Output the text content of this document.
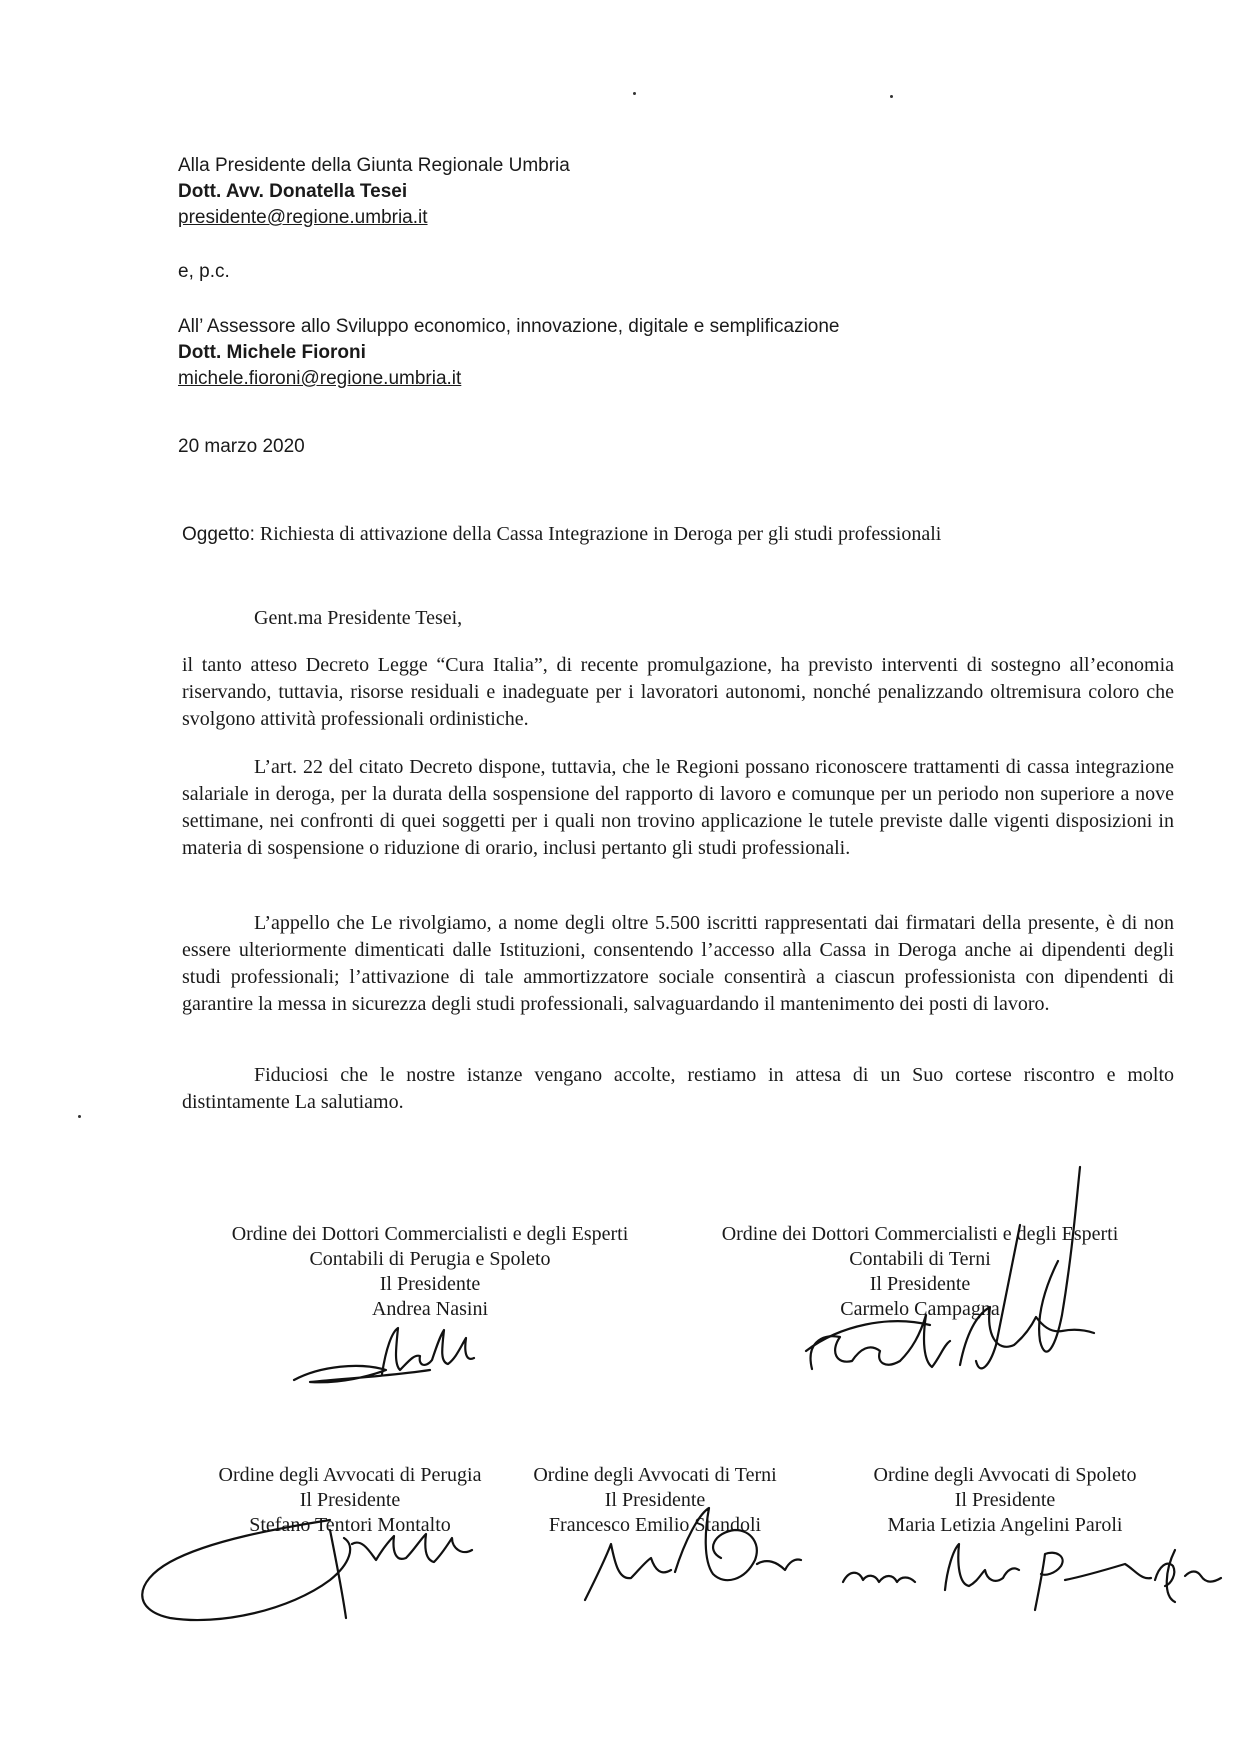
Alla Presidente della Giunta Regionale Umbria
Dott. Avv. Donatella Tesei
presidente@regione.umbria.it
e, p.c.
All’ Assessore allo Sviluppo economico, innovazione, digitale e semplificazione
Dott. Michele Fioroni
michele.fioroni@regione.umbria.it
20 marzo 2020
Oggetto: Richiesta di attivazione della Cassa Integrazione in Deroga per gli studi professionali
Gent.ma Presidente Tesei,

il tanto atteso Decreto Legge “Cura Italia”, di recente promulgazione, ha previsto interventi di sostegno all’economia riservando, tuttavia, risorse residuali e inadeguate per i lavoratori autonomi, nonché penalizzando oltremisura coloro che svolgono attività professionali ordinistiche.

L’art. 22 del citato Decreto dispone, tuttavia, che le Regioni possano riconoscere trattamenti di cassa integrazione salariale in deroga, per la durata della sospensione del rapporto di lavoro e comunque per un periodo non superiore a nove settimane, nei confronti di quei soggetti per i quali non trovino applicazione le tutele previste dalle vigenti disposizioni in materia di sospensione o riduzione di orario, inclusi pertanto gli studi professionali.

L’appello che Le rivolgiamo, a nome degli oltre 5.500 iscritti rappresentati dai firmatari della presente, è di non essere ulteriormente dimenticati dalle Istituzioni, consentendo l’accesso alla Cassa in Deroga anche ai dipendenti degli studi professionali; l’attivazione di tale ammortizzatore sociale consentirà a ciascun professionista con dipendenti di garantire la messa in sicurezza degli studi professionali, salvaguardando il mantenimento dei posti di lavoro.

Fiduciosi che le nostre istanze vengano accolte, restiamo in attesa di un Suo cortese riscontro e molto distintamente La salutiamo.

Ordine dei Dottori Commercialisti e degli Esperti
Contabili di Perugia e Spoleto
Il Presidente
Andrea Nasini
Ordine dei Dottori Commercialisti e degli Esperti
Contabili di Terni
Il Presidente
Carmelo Campagna
Ordine degli Avvocati di Perugia
Il Presidente
Stefano Tentori Montalto
Ordine degli Avvocati di Terni
Il Presidente
Francesco Emilio Standoli
Ordine degli Avvocati di Spoleto
Il Presidente
Maria Letizia Angelini Paroli
